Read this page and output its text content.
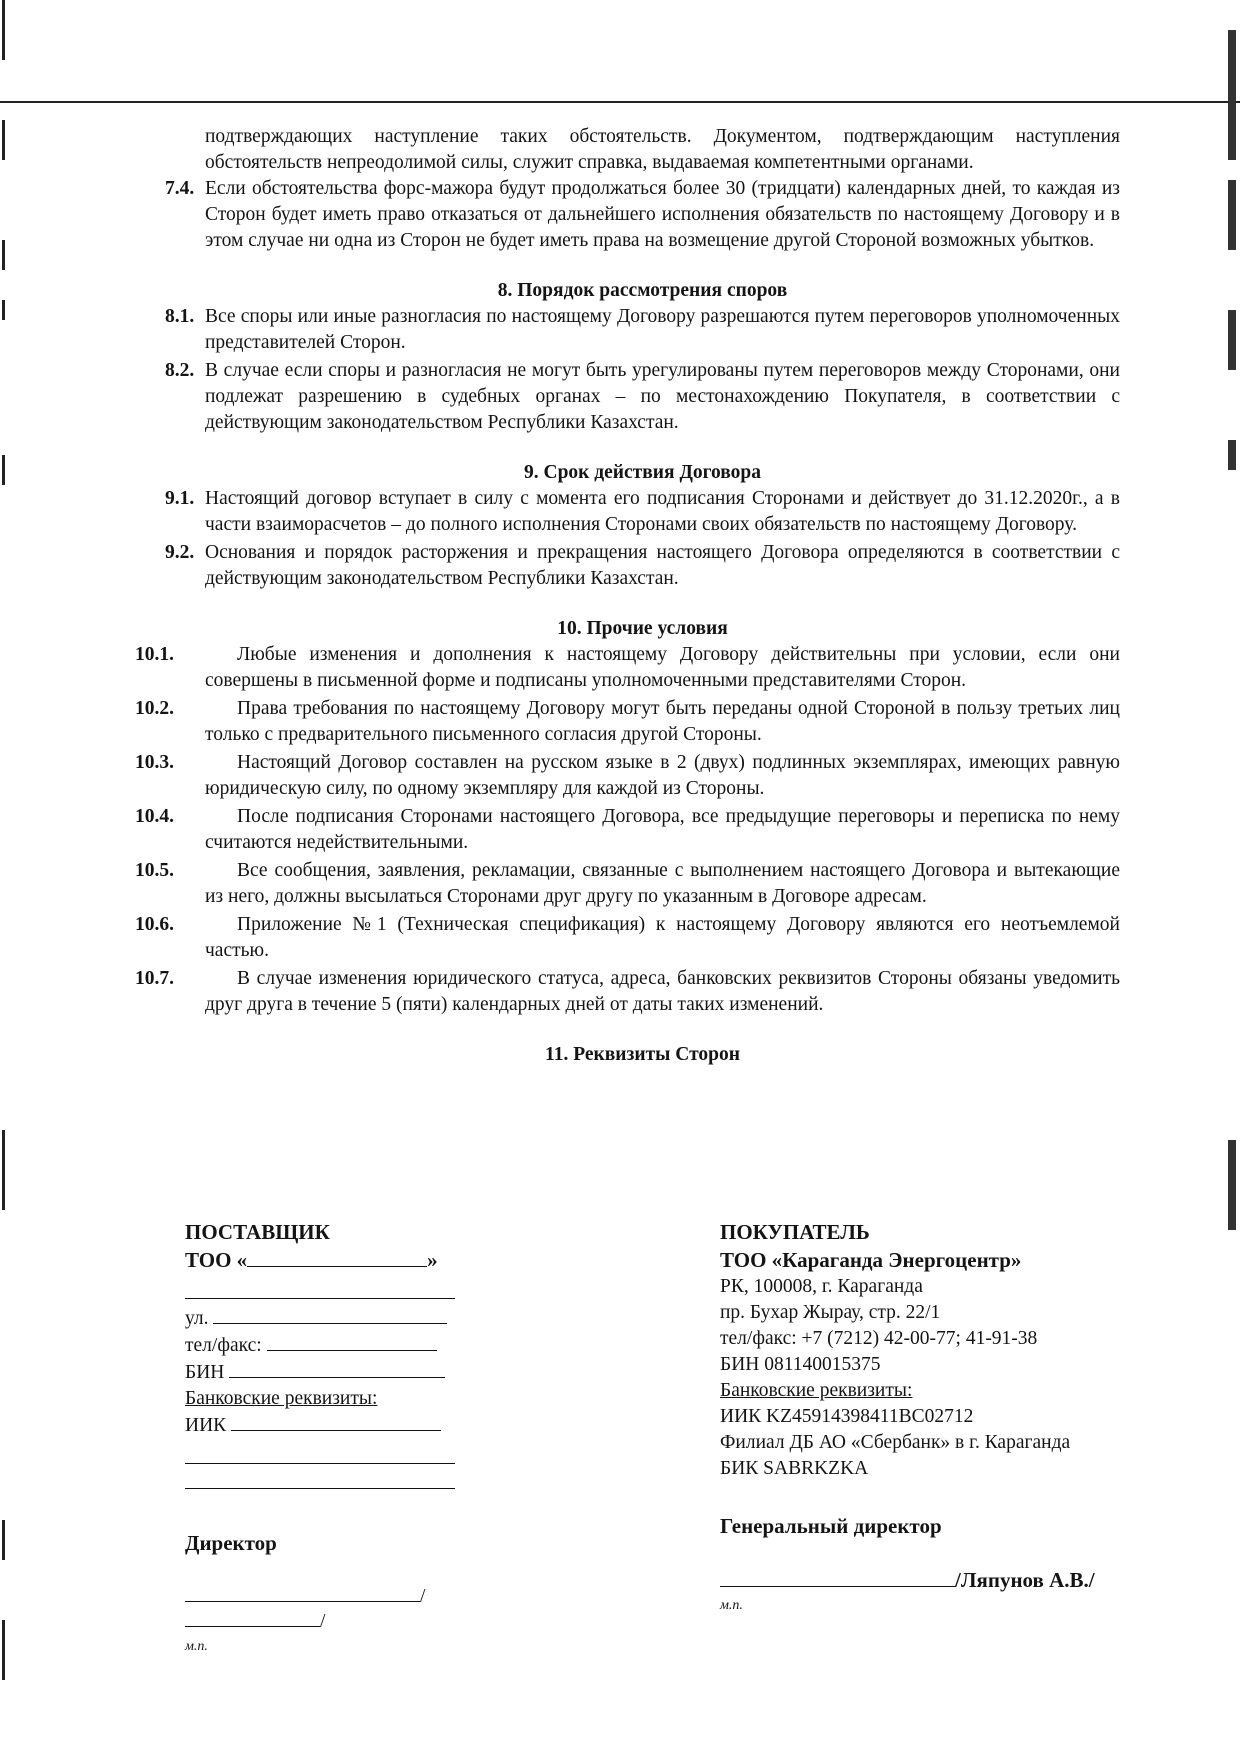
подтверждающих наступление таких обстоятельств. Документом, подтверждающим наступления обстоятельств непреодолимой силы, служит справка, выдаваемая компетентными органами.
7.4. Если обстоятельства форс-мажора будут продолжаться более 30 (тридцати) календарных дней, то каждая из Сторон будет иметь право отказаться от дальнейшего исполнения обязательств по настоящему Договору и в этом случае ни одна из Сторон не будет иметь права на возмещение другой Стороной возможных убытков.
8. Порядок рассмотрения споров
8.1. Все споры или иные разногласия по настоящему Договору разрешаются путем переговоров уполномоченных представителей Сторон.
8.2. В случае если споры и разногласия не могут быть урегулированы путем переговоров между Сторонами, они подлежат разрешению в судебных органах – по местонахождению Покупателя, в соответствии с действующим законодательством Республики Казахстан.
9. Срок действия Договора
9.1. Настоящий договор вступает в силу с момента его подписания Сторонами и действует до 31.12.2020г., а в части взаиморасчетов – до полного исполнения Сторонами своих обязательств по настоящему Договору.
9.2. Основания и порядок расторжения и прекращения настоящего Договора определяются в соответствии с действующим законодательством Республики Казахстан.
10. Прочие условия
10.1.	Любые изменения и дополнения к настоящему Договору действительны при условии, если они совершены в письменной форме и подписаны уполномоченными представителями Сторон.
10.2.	Права требования по настоящему Договору могут быть переданы одной Стороной в пользу третьих лиц только с предварительного письменного согласия другой Стороны.
10.3.	Настоящий Договор составлен на русском языке в 2 (двух) подлинных экземплярах, имеющих равную юридическую силу, по одному экземпляру для каждой из Стороны.
10.4.	После подписания Сторонами настоящего Договора, все предыдущие переговоры и переписка по нему считаются недействительными.
10.5.	Все сообщения, заявления, рекламации, связанные с выполнением настоящего Договора и вытекающие из него, должны высылаться Сторонами друг другу по указанным в Договоре адресам.
10.6.	Приложение №1 (Техническая спецификация) к настоящему Договору являются его неотъемлемой частью.
10.7.	В случае изменения юридического статуса, адреса, банковских реквизитов Стороны обязаны уведомить друг друга в течение 5 (пяти) календарных дней от даты таких изменений.
11. Реквизиты Сторон
ПОСТАВЩИК
ТОО «	»
ул.
тел/факс:
БИН
Банковские реквизиты:
ИИК
Директор
//
м.п.
ПОКУПАТЕЛЬ
ТОО «Караганда Энергоцентр»
РК, 100008, г. Караганда
пр. Бухар Жырау, стр. 22/1
тел/факс: +7 (7212) 42-00-77; 41-91-38
БИН 081140015375
Банковские реквизиты:
ИИК KZ45914398411BC02712
Филиал ДБ АО «Сбербанк» в г. Караганда
БИК SABRKZKA
Генеральный директор
/Ляпунов А.В./
м.п.
